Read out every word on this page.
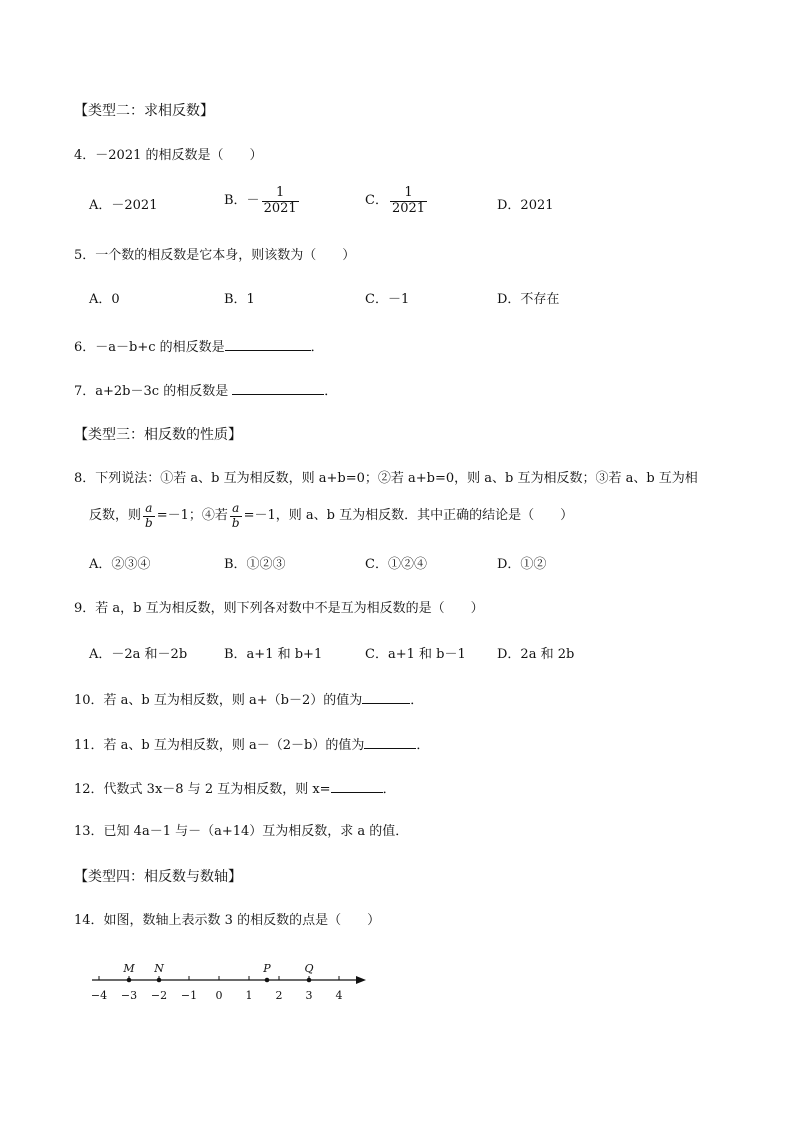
【类型二：求相反数】
4．－2021 的相反数是（　　）
A．－2021	B．－ $\frac{1}{2021}$	C． $\frac{1}{2021}$	D．2021
5．一个数的相反数是它本身，则该数为（　　）
A．0	B．1	C．－1	D．不存在
6．－a－b+c 的相反数是	．
7．a+2b－3c 的相反数是	．
【类型三：相反数的性质】
8．下列说法：①若 a、b 互为相反数，则 a+b=0；②若 a+b=0，则 a、b 互为相反数；③若 a、b 互为相
反数，则 $\frac{a}{b} =-1$；④若 $\frac{a}{b} =-1$，则 a、b 互为相反数．其中正确的结论是（　　）
A．②③④	B．①②③	C．①②④	D．①②
9．若 a，b 互为相反数，则下列各对数中不是互为相反数的是（　　）
A．－2a 和－2b	B．a+1 和 b+1	C．a+1 和 b－1 D．2a 和 2b
10．若 a、b 互为相反数，则 a+（b－2）的值为	．
11．若 a、b 互为相反数，则 a－（2－b）的值为	．
12．代数式 3x－8 与 2 互为相反数，则 x=	．
13．已知 4a－1 与－（a+14）互为相反数，求 a 的值．
【类型四：相反数与数轴】
14．如图，数轴上表示数 3 的相反数的点是（　　）
−4 −3 −2 −1 0 1 2 3 4
M N	P	Q
